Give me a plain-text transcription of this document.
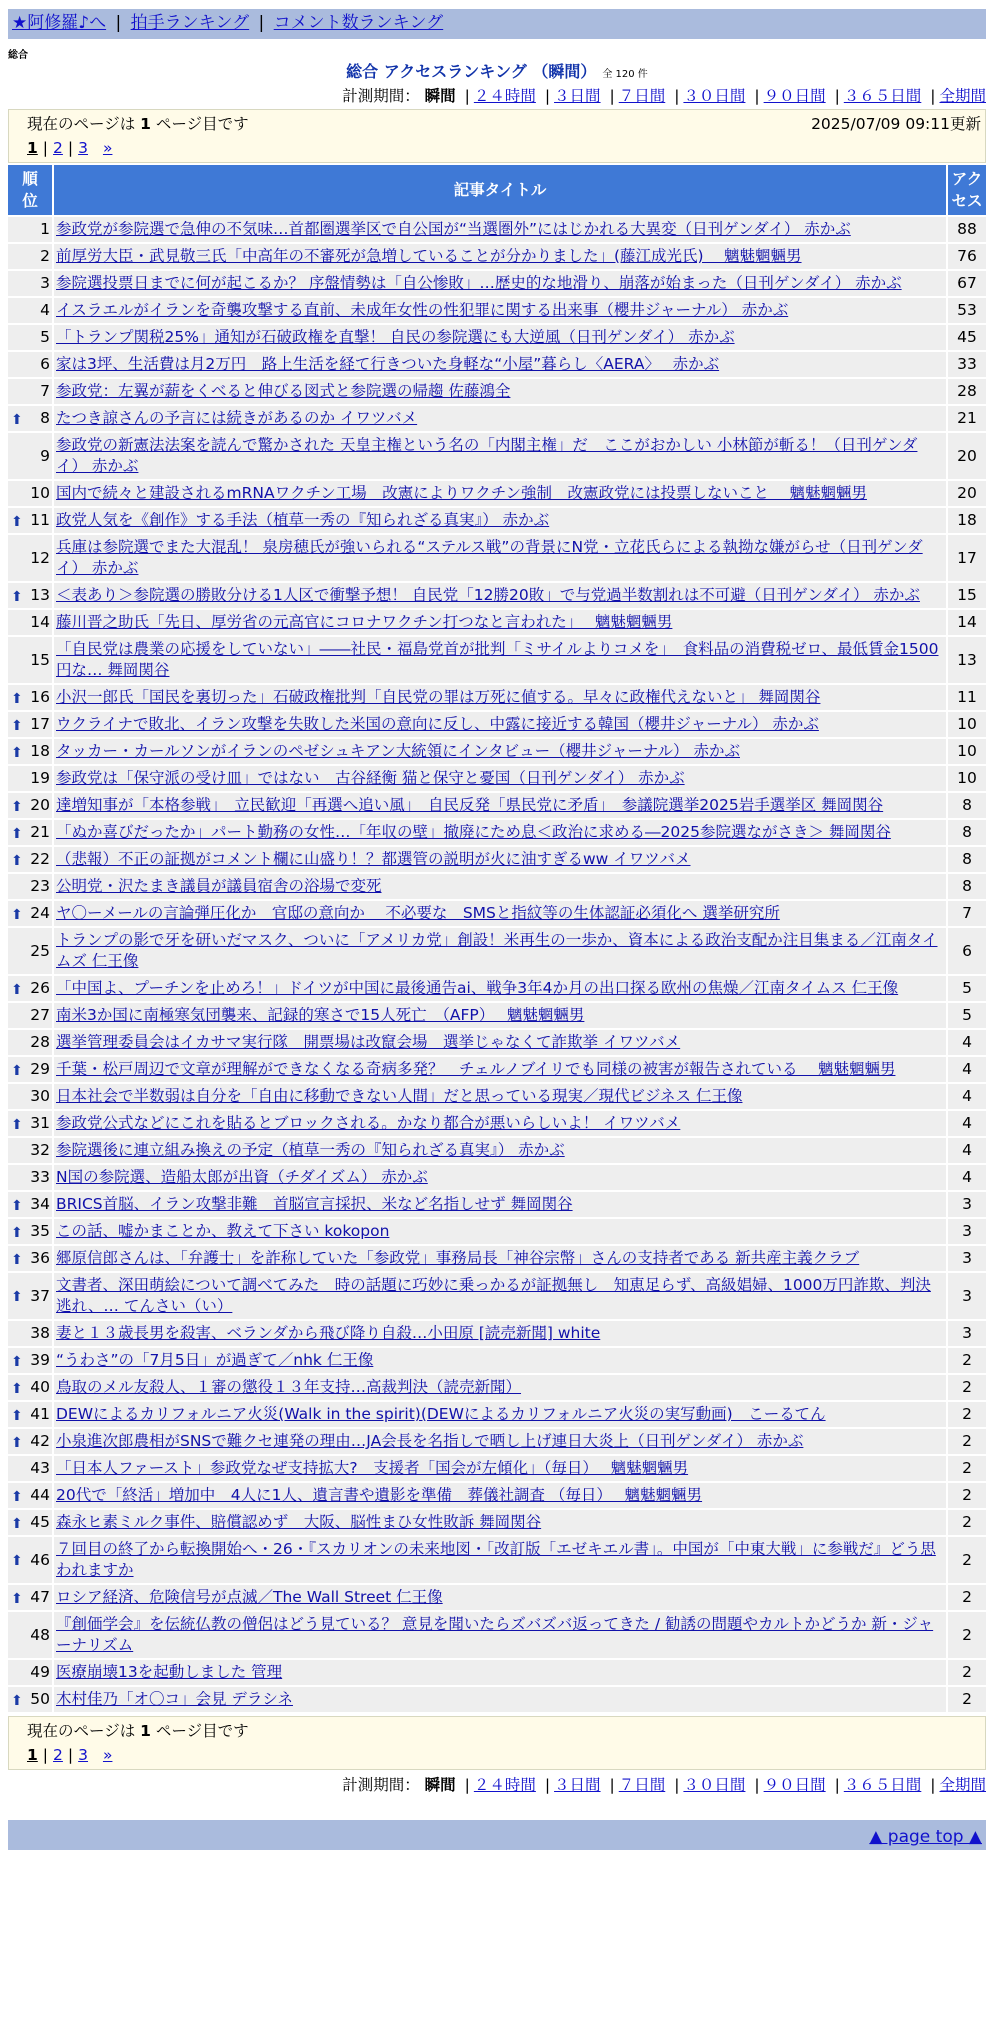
★阿修羅♪へ | 拍手ランキング | コメント数ランキング
総合
総合 アクセスランキング （瞬間） 全 120 件
計測期間： 瞬間 | ２４時間 | ３日間 | ７日間 | ３０日間 | ９０日間 | ３６５日間 | 全期間
現在のページは 1 ページ目です	2025/07/09 09:11更新
1 | 2 | 3 »
順位	記事タイトル	アクセス
1	参政党が参院選で急伸の不気味…首都圏選挙区で自公国が“当選圏外”にはじかれる大異変（日刊ゲンダイ） 赤かぶ	88
2	前厚労大臣・武見敬三氏「中高年の不審死が急増していることが分かりました」(藤江成光氏)　 魑魅魍魎男	76
3	参院選投票日までに何が起こるか？ 序盤情勢は「自公惨敗」…歴史的な地滑り、崩落が始まった（日刊ゲンダイ） 赤かぶ	67
4	イスラエルがイランを奇襲攻撃する直前、未成年女性の性犯罪に関する出来事（櫻井ジャーナル） 赤かぶ	53
5	「トランプ関税25%」通知が石破政権を直撃！ 自民の参院選にも大逆風（日刊ゲンダイ） 赤かぶ	45
6	家は3坪、生活費は月2万円　路上生活を経て行きついた身軽な“小屋”暮らし〈AERA〉　 赤かぶ	33
7	参政党：左翼が薪をくべると伸びる図式と参院選の帰趨 佐藤鴻全	28

⬆ 8	たつき諒さんの予言には続きがあるのか イワツバメ	21
9	参政党の新憲法法案を読んで驚かされた 天皇主権という名の「内閣主権」だ　ここがおかしい 小林節が斬る！（日刊ゲンダイ） 赤かぶ	20
10	国内で続々と建設されるmRNAワクチン工場　改憲によりワクチン強制　改憲政党には投票しないこと　 魑魅魍魎男	20

⬆ 11	政党人気を《創作》する手法（植草一秀の『知られざる真実』） 赤かぶ	18
12	兵庫は参院選でまた大混乱！ 泉房穂氏が強いられる“ステルス戦”の背景にN党・立花氏らによる執拗な嫌がらせ（日刊ゲンダイ） 赤かぶ	17

⬆ 13	＜表あり＞参院選の勝敗分ける1人区で衝撃予想！ 自民党「12勝20敗」で与党過半数割れは不可避（日刊ゲンダイ） 赤かぶ	15
14	藤川晋之助氏「先日、厚労省の元高官にコロナワクチン打つなと言われた」　 魑魅魍魎男	14
15	「自民党は農業の応援をしていない」――社民・福島党首が批判「ミサイルよりコメを」　食料品の消費税ゼロ、最低賃金1500円な… 舞岡関谷	13

⬆ 16	小沢一郎氏「国民を裏切った」石破政権批判「自民党の罪は万死に値する。早々に政権代えないと」 舞岡関谷	11

⬆ 17	ウクライナで敗北、イラン攻撃を失敗した米国の意向に反し、中露に接近する韓国（櫻井ジャーナル） 赤かぶ	10

⬆ 18	タッカー・カールソンがイランのペゼシュキアン大統領にインタビュー（櫻井ジャーナル） 赤かぶ	10
19	参政党は「保守派の受け皿」ではない　古谷経衡 猫と保守と憂国（日刊ゲンダイ） 赤かぶ	10

⬆ 20	達増知事が「本格参戦」　立民歓迎「再選へ追い風」　自民反発「県民党に矛盾」　参議院選挙2025岩手選挙区 舞岡関谷	8

⬆ 21	「ぬか喜びだったか」パート勤務の女性…「年収の壁」撤廃にため息＜政治に求める―2025参院選ながさき＞ 舞岡関谷	8

⬆ 22	（悲報）不正の証拠がコメント欄に山盛り！？都選管の説明が火に油すぎるww イワツバメ	8
23	公明党・沢たまき議員が議員宿舎の浴場で変死	8

⬆ 24	ヤ〇ーメールの言論弾圧化か　官邸の意向か　 不必要な　SMSと指紋等の生体認証必須化へ 選挙研究所	7
25	トランプの影で牙を研いだマスク、ついに「アメリカ党」創設！米再生の一歩か、資本による政治支配か注目集まる／江南タイムズ 仁王像	6

⬆ 26	「中国よ、プーチンを止めろ！」ドイツが中国に最後通告ai、戦争3年4か月の出口探る欧州の焦燥／江南タイムス 仁王像	5
27	南米3か国に南極寒気団襲来、記録的寒さで15人死亡　（AFP）　 魑魅魍魎男	5
28	選挙管理委員会はイカサマ実行隊　開票場は改竄会場　選挙じゃなくて詐欺挙 イワツバメ	4

⬆ 29	千葉・松戸周辺で文章が理解ができなくなる奇病多発？　チェルノブイリでも同様の被害が報告されている　 魑魅魍魎男	4
30	日本社会で半数弱は自分を「自由に移動できない人間」だと思っている現実／現代ビジネス 仁王像	4

⬆ 31	参政党公式などにこれを貼るとブロックされる。かなり都合が悪いらしいよ！ イワツバメ	4
32	参院選後に連立組み換えの予定（植草一秀の『知られざる真実』） 赤かぶ	4
33	N国の参院選、造船太郎が出資（チダイズム） 赤かぶ	4

⬆ 34	BRICS首脳、イラン攻撃非難　首脳宣言採択、米など名指しせず 舞岡関谷	3

⬆ 35	この話、嘘かまことか、教えて下さい kokopon	3

⬆ 36	郷原信郎さんは、「弁護士」を詐称していた「参政党」事務局長「神谷宗幣」さんの支持者である 新共産主義クラブ	3

⬆ 37	文書者、深田萌絵について調べてみた　時の話題に巧妙に乗っかるが証拠無し　知恵足らず、高級娼婦、1000万円詐欺、判決逃れ、… てんさい（い）	3
38	妻と１３歳長男を殺害、ベランダから飛び降り自殺…小田原 [読売新聞] white	3

⬆ 39	“うわさ”の「7月5日」が過ぎて／nhk 仁王像	2

⬆ 40	鳥取のメル友殺人、１審の懲役１３年支持…高裁判決（読売新聞）	2

⬆ 41	DEWによるカリフォルニア火災(Walk in the spirit)(DEWによるカリフォルニア火災の実写動画)　こーるてん	2

⬆ 42	小泉進次郎農相がSNSで難クセ連発の理由…JA会長を名指しで晒し上げ連日大炎上（日刊ゲンダイ） 赤かぶ	2
43	「日本人ファースト」参政党なぜ支持拡大?　支援者「国会が左傾化」（毎日）　 魑魅魍魎男	2

⬆ 44	20代で「終活」増加中　4人に1人、遺言書や遺影を準備　葬儀社調査 （毎日）　 魑魅魍魎男	2

⬆ 45	森永ヒ素ミルク事件、賠償認めず　大阪、脳性まひ女性敗訴 舞岡関谷	2

⬆ 46	７回目の終了から転換開始へ・26・『スカリオンの未来地図・「改訂版「エゼキエル書」。中国が「中東大戦」に参戦だ』どう思われますか	2

⬆ 47	ロシア経済、危険信号が点滅／The Wall Street 仁王像	2
48	『創価学会』を伝統仏教の僧侶はどう見ている？ 意見を聞いたらズバズバ返ってきた / 勧誘の問題やカルトかどうか 新・ジャーナリズム	2
49	医療崩壊13を起動しました 管理	2

⬆ 50	木村佳乃「オ〇コ」会見 デラシネ	2
現在のページは 1 ページ目です
1 | 2 | 3 »
計測期間： 瞬間 | ２４時間 | ３日間 | ７日間 | ３０日間 | ９０日間 | ３６５日間 | 全期間
▲ page top ▲
